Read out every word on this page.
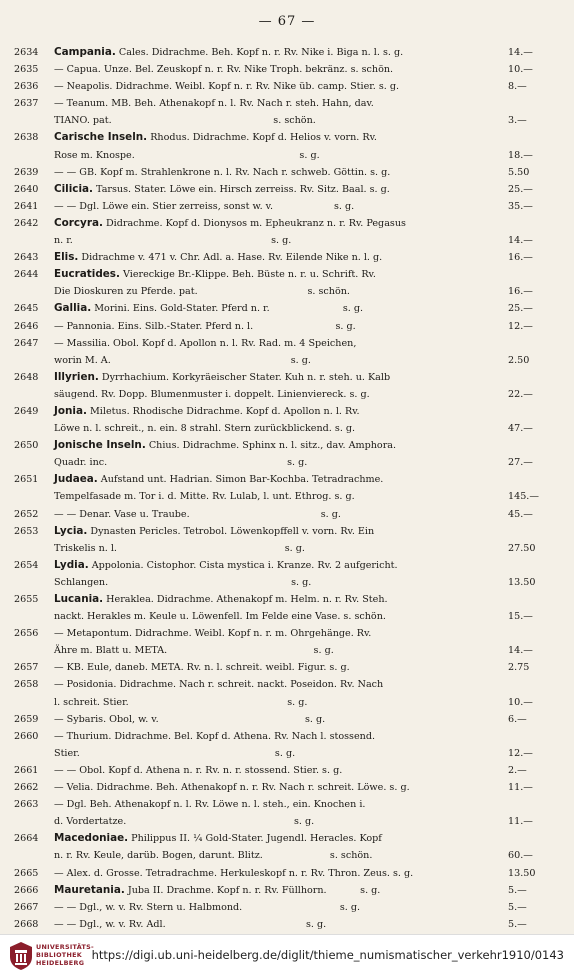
— 67 —
2634	Campania. Cales. Didrachme. Beh. Kopf n. r. Rv. Nike i. Biga n. l. s. g.	14.—
2635	— Capua. Unze. Bel. Zeuskopf n. r. Rv. Nike Troph. bekränz. s. schön.	10.—
2636	— Neapolis. Didrachme. Weibl. Kopf n. r. Rv. Nike üb. camp. Stier. s. g.	8.—
2637	— Teanum. MB. Beh. Athenakopf n. l. Rv. Nach r. steh. Hahn, dav.
TIANO. pat.                                                     s. schön.	3.—
2638	Carische Inseln. Rhodus. Didrachme. Kopf d. Helios v. vorn. Rv.
Rose m. Knospe.                                                      s. g.	18.—
2639	— — GB. Kopf m. Strahlenkrone n. l. Rv. Nach r. schweb. Göttin. s. g.	5.50
2640	Cilicia. Tarsus. Stater. Löwe ein. Hirsch zerreiss. Rv. Sitz. Baal. s. g.	25.—
2641	— — Dgl. Löwe ein. Stier zerreiss, sonst w. v.                    s. g.	35.—
2642	Corcyra. Didrachme. Kopf d. Dionysos m. Epheukranz n. r. Rv. Pegasus
n. r.                                                                 s. g.	14.—
2643	Elis. Didrachme v. 471 v. Chr. Adl. a. Hase. Rv. Eilende Nike n. l. g.	16.—
2644	Eucratides. Viereckige Br.-Klippe. Beh. Büste n. r. u. Schrift. Rv.
Die Dioskuren zu Pferde. pat.                                    s. schön.	16.—
2645	Gallia. Morini. Eins. Gold-Stater. Pferd n. r.                        s. g.	25.—
2646	— Pannonia. Eins. Silb.-Stater. Pferd n. l.                           s. g.	12.—
2647	— Massilia. Obol. Kopf d. Apollon n. l. Rv. Rad. m. 4 Speichen,
worin M. A.                                                           s. g.	2.50
2648	Illyrien. Dyrrhachium. Korkyräeischer Stater. Kuh n. r. steh. u. Kalb
säugend. Rv. Dopp. Blumenmuster i. doppelt. Linienviereck. s. g.	22.—
2649	Jonia. Miletus. Rhodische Didrachme. Kopf d. Apollon n. l. Rv.
Löwe n. l. schreit., n. ein. 8 strahl. Stern zurückblickend. s. g.	47.—
2650	Jonische Inseln. Chius. Didrachme. Sphinx n. l. sitz., dav. Amphora.
Quadr. inc.                                                           s. g.	27.—
2651	Judaea. Aufstand unt. Hadrian. Simon Bar-Kochba. Tetradrachme.
Tempelfasade m. Tor i. d. Mitte. Rv. Lulab, l. unt. Ethrog. s. g.	145.—
2652	— — Denar. Vase u. Traube.                                           s. g.	45.—
2653	Lycia. Dynasten Pericles. Tetrobol. Löwenkopffell v. vorn. Rv. Ein
Triskelis n. l.                                                       s. g.	27.50
2654	Lydia. Appolonia. Cistophor. Cista mystica i. Kranze. Rv. 2 aufgericht.
Schlangen.                                                            s. g.	13.50
2655	Lucania. Heraklea. Didrachme. Athenakopf m. Helm. n. r. Rv. Steh.
nackt. Herakles m. Keule u. Löwenfell. Im Felde eine Vase. s. schön.	15.—
2656	— Metapontum. Didrachme. Weibl. Kopf n. r. m. Ohrgehänge. Rv.
Ähre m. Blatt u. META.                                                s. g.	14.—
2657	— KB. Eule, daneb. META. Rv. n. l. schreit. weibl. Figur. s. g.	2.75
2658	— Posidonia. Didrachme. Nach r. schreit. nackt. Poseidon. Rv. Nach
l. schreit. Stier.                                                    s. g.	10.—
2659	— Sybaris. Obol, w. v.                                                s. g.	6.—
2660	— Thurium. Didrachme. Bel. Kopf d. Athena. Rv. Nach l. stossend.
Stier.                                                                s. g.	12.—
2661	— — Obol. Kopf d. Athena n. r. Rv. n. r. stossend. Stier. s. g.	2.—
2662	— Velia. Didrachme. Beh. Athenakopf n. r. Rv. Nach r. schreit. Löwe. s. g.	11.—
2663	— Dgl. Beh. Athenakopf n. l. Rv. Löwe n. l. steh., ein. Knochen i.
d. Vordertatze.                                                       s. g.	11.—
2664	Macedoniae. Philippus II. ¼ Gold-Stater. Jugendl. Heracles. Kopf
n. r. Rv. Keule, darüb. Bogen, darunt. Blitz.                      s. schön.	60.—
2665	— Alex. d. Grosse. Tetradrachme. Herkuleskopf n. r. Rv. Thron. Zeus. s. g.	13.50
2666	Mauretania. Juba II. Drachme. Kopf n. r. Rv. Füllhorn.           s. g.	5.—
2667	— — Dgl., w. v. Rv. Stern u. Halbmond.                                s. g.	5.—
2668	— — Dgl., w. v. Rv. Adl.                                              s. g.	5.—
UNIVERSITÄTS-
BIBLIOTHEK
HEIDELBERG
https://digi.ub.uni-heidelberg.de/diglit/thieme_numismatischer_verkehr1910/0143
